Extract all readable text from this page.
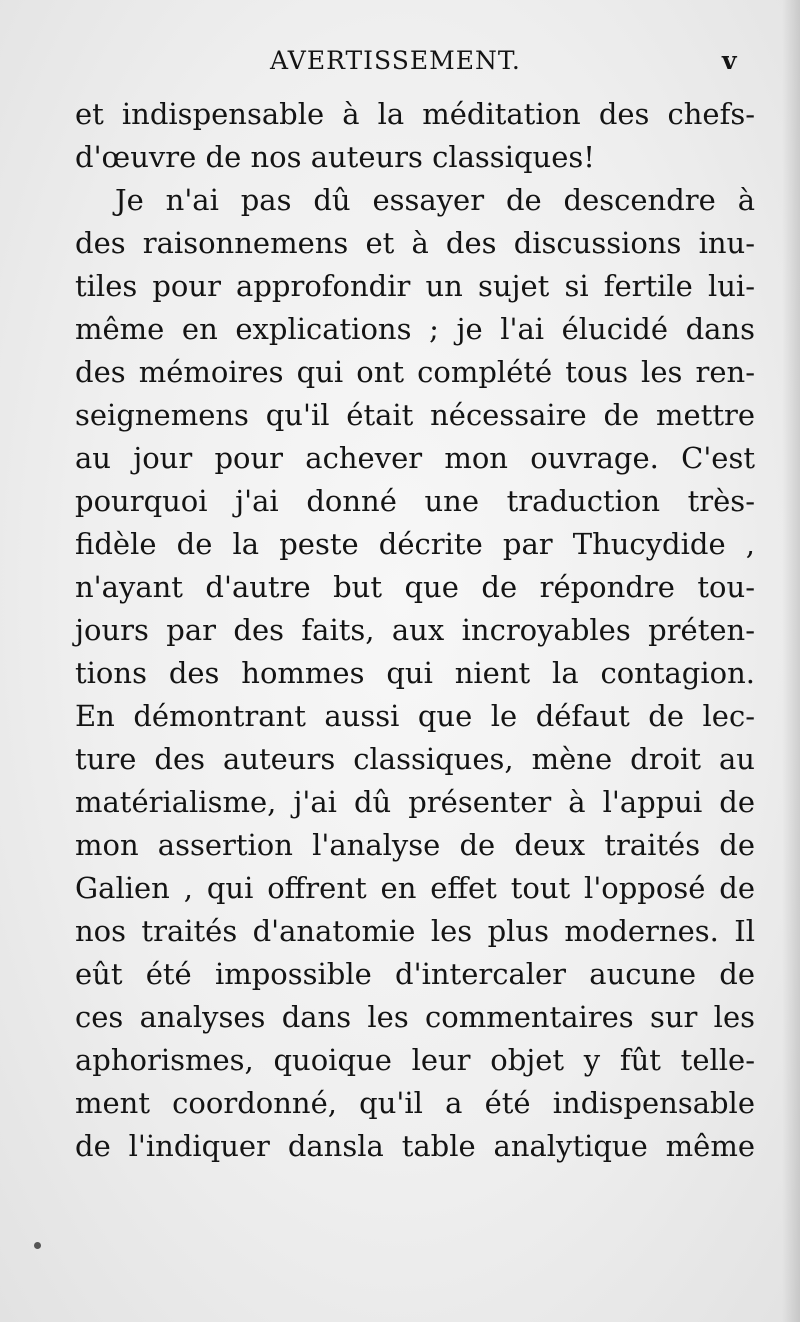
AVERTISSEMENT.	v
et indispensable à la méditation des chefs-
d'œuvre de nos auteurs classiques!
Je n'ai pas dû essayer de descendre à
des raisonnemens et à des discussions inu-
tiles pour approfondir un sujet si fertile lui-
même en explications ; je l'ai élucidé dans
des mémoires qui ont complété tous les ren-
seignemens qu'il était nécessaire de mettre
au jour pour achever mon ouvrage. C'est
pourquoi j'ai donné une traduction très-
fidèle de la peste décrite par Thucydide ,
n'ayant d'autre but que de répondre tou-
jours par des faits, aux incroyables préten-
tions des hommes qui nient la contagion.
En démontrant aussi que le défaut de lec-
ture des auteurs classiques, mène droit au
matérialisme, j'ai dû présenter à l'appui de
mon assertion l'analyse de deux traités de
Galien , qui offrent en effet tout l'opposé de
nos traités d'anatomie les plus modernes. Il
eût été impossible d'intercaler aucune de
ces analyses dans les commentaires sur les
aphorismes, quoique leur objet y fût telle-
ment coordonné, qu'il a été indispensable
de l'indiquer dansla table analytique même
